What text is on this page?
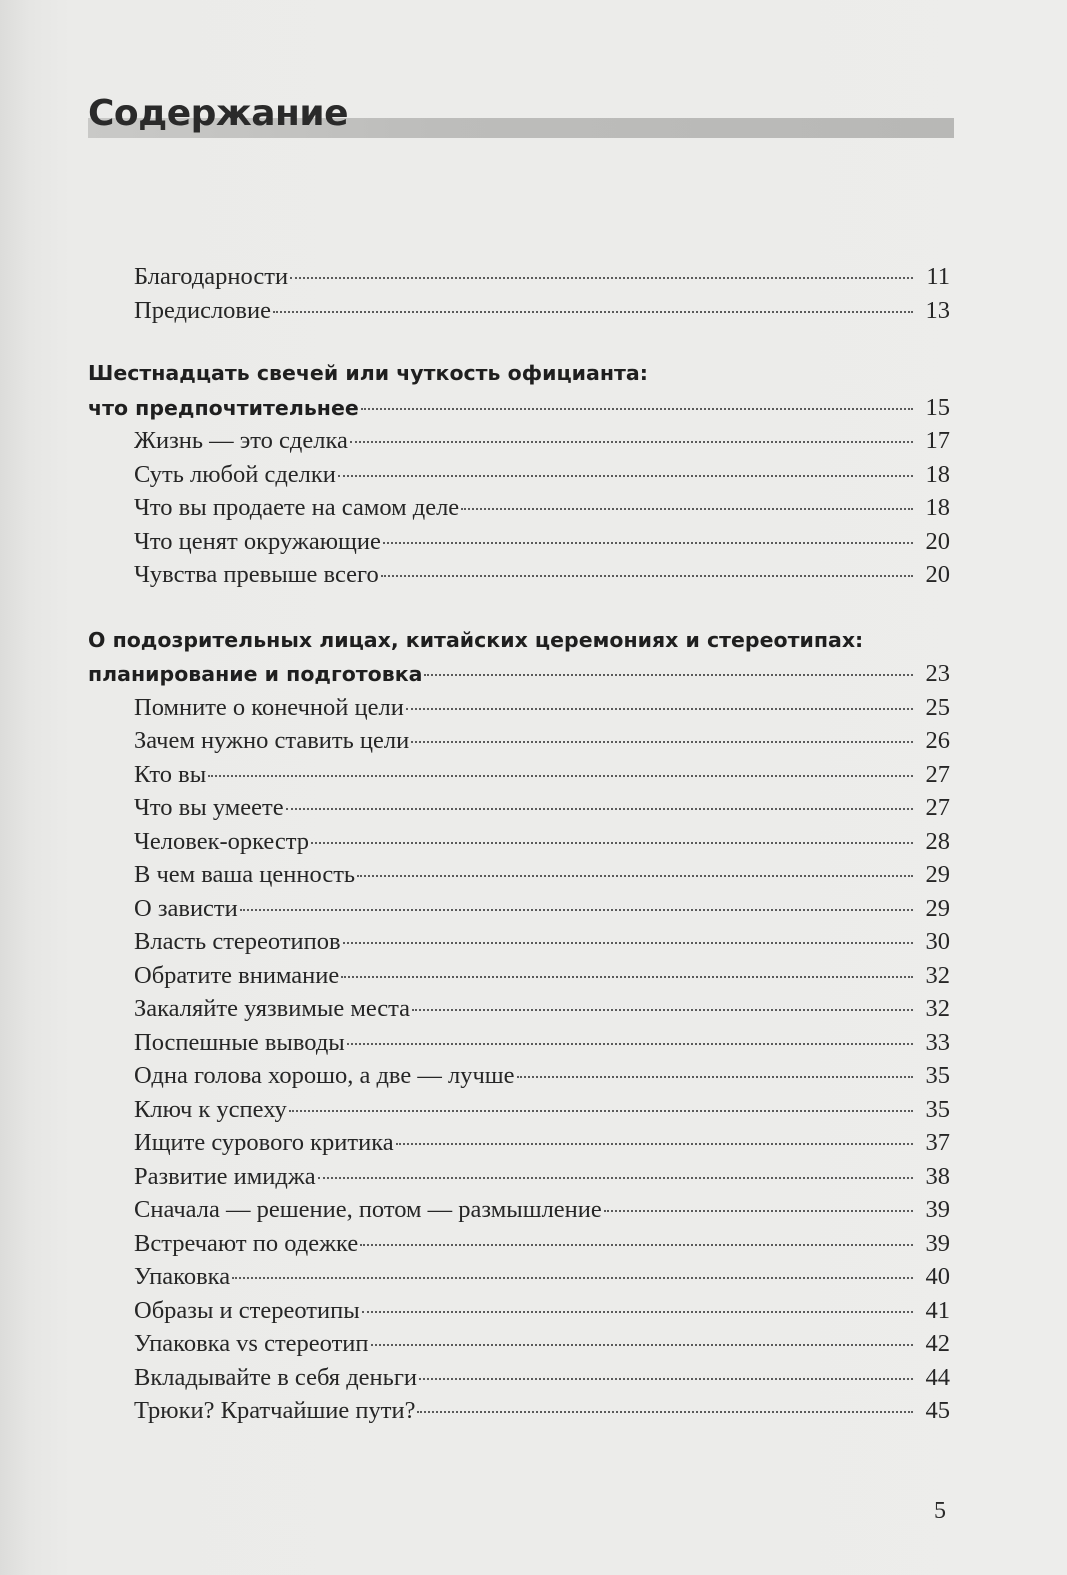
Содержание
Благодарности	11
Предисловие	13
Шестнадцать свечей или чуткость официанта:
что предпочтительнее	15
Жизнь — это сделка	17
Суть любой сделки	18
Что вы продаете на самом деле	18
Что ценят окружающие	20
Чувства превыше всего	20
О подозрительных лицах, китайских церемониях и стереотипах:
планирование и подготовка	23
Помните о конечной цели	25
Зачем нужно ставить цели	26
Кто вы	27
Что вы умеете	27
Человек-оркестр	28
В чем ваша ценность	29
О зависти	29
Власть стереотипов	30
Обратите внимание	32
Закаляйте уязвимые места	32
Поспешные выводы	33
Одна голова хорошо, а две — лучше	35
Ключ к успеху	35
Ищите сурового критика	37
Развитие имиджа	38
Сначала — решение, потом — размышление	39
Встречают по одежке	39
Упаковка	40
Образы и стереотипы	41
Упаковка vs стереотип	42
Вкладывайте в себя деньги	44
Трюки? Кратчайшие пути?	45
5
